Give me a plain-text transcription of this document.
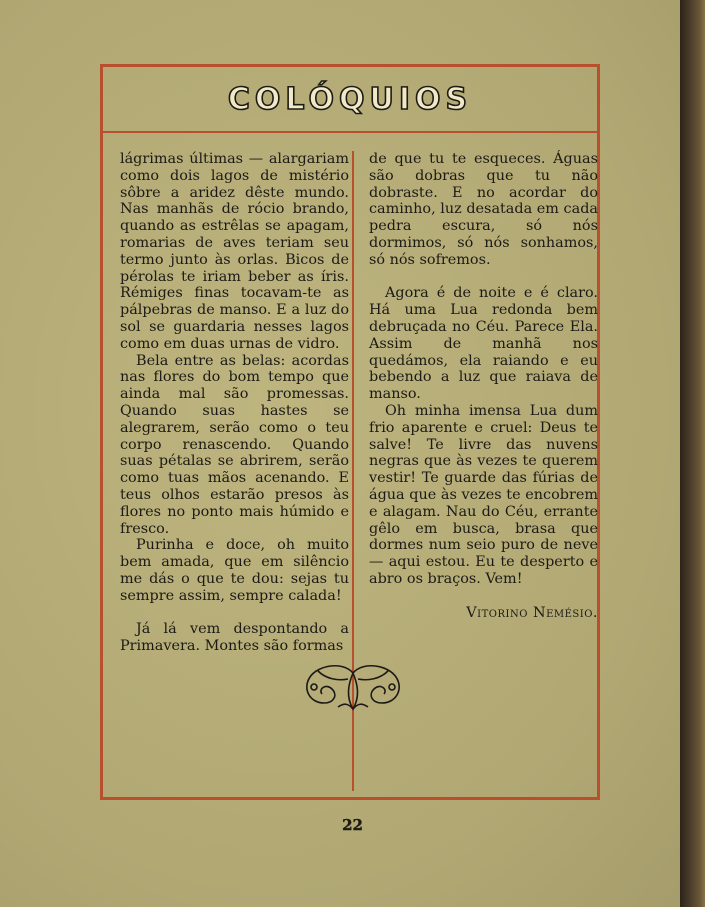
COLÓQUIOS

lágrimas últimas — alargariam como dois lagos de mistério sôbre a aridez dêste mundo. Nas manhãs de rócio brando, quando as estrêlas se apagam, romarias de aves teriam seu termo junto às orlas. Bicos de pérolas te iriam beber as íris. Rémiges finas tocavam-te as pálpebras de manso. E a luz do sol se guardaria nesses lagos como em duas urnas de vidro.

Bela entre as belas: acordas nas flores do bom tempo que ainda mal são promessas. Quando suas hastes se alegrarem, serão como o teu corpo renascendo. Quando suas pétalas se abrirem, serão como tuas mãos acenando. E teus olhos estarão presos às flores no ponto mais húmido e fresco.

Purinha e doce, oh muito bem amada, que em silêncio me dás o que te dou: sejas tu sempre assim, sempre calada!

Já lá vem despontando a Primavera. Montes são formas

de que tu te esqueces. Águas são dobras que tu não dobraste. E no acordar do caminho, luz desatada em cada pedra escura, só nós dormimos, só nós sonhamos, só nós sofremos.

Agora é de noite e é claro. Há uma Lua redonda bem debruçada no Céu. Parece Ela. Assim de manhã nos quedámos, ela raiando e eu bebendo a luz que raiava de manso.

Oh minha imensa Lua dum frio aparente e cruel: Deus te salve! Te livre das nuvens negras que às vezes te querem vestir! Te guarde das fúrias de água que às vezes te encobrem e alagam. Nau do Céu, errante gêlo em busca, brasa que dormes num seio puro de neve — aqui estou. Eu te desperto e abro os braços. Vem!

Vitorino Nemésio.

22
